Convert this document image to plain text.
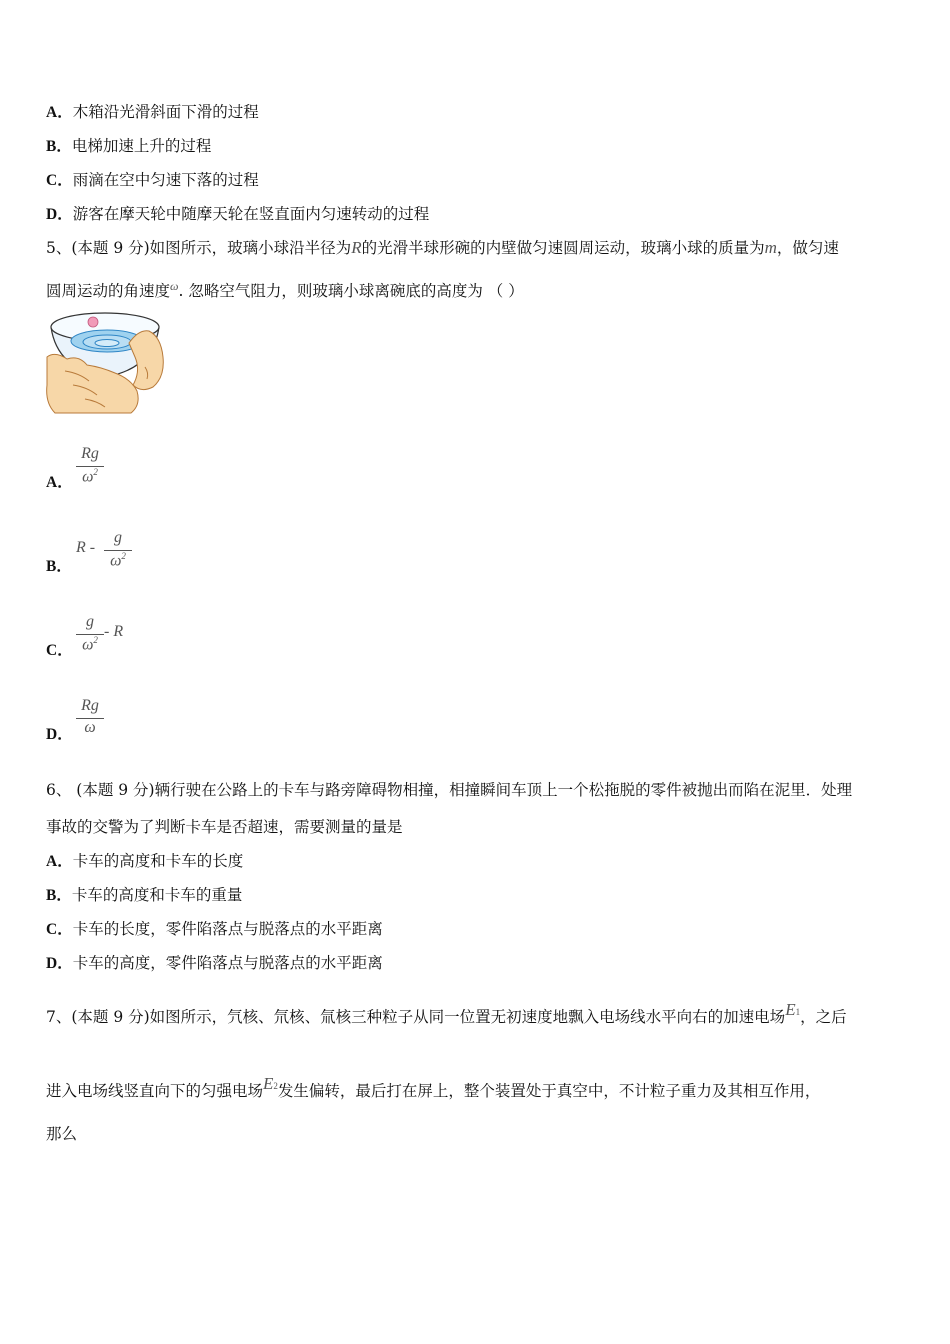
A．木箱沿光滑斜面下滑的过程
B．电梯加速上升的过程
C．雨滴在空中匀速下落的过程
D．游客在摩天轮中随摩天轮在竖直面内匀速转动的过程
5、(本题 9 分)如图所示，玻璃小球沿半径为R的光滑半球形碗的内壁做匀速圆周运动，玻璃小球的质量为m，做匀速
圆周运动的角速度$^\omega$. 忽略空气阻力，则玻璃小球离碗底的高度为 （ ）
A．
Rg
$\omega^2$
B．
R -
g
$\omega^2$
C．
g
$\omega^2$ - R
D．
Rg
ω
6、 (本题 9 分)辆行驶在公路上的卡车与路旁障碍物相撞，相撞瞬间车顶上一个松拖脱的零件被抛出而陷在泥里．处理
事故的交警为了判断卡车是否超速，需要测量的量是
A．卡车的高度和卡车的长度
B．卡车的高度和卡车的重量
C．卡车的长度，零件陷落点与脱落点的水平距离
D．卡车的高度，零件陷落点与脱落点的水平距离
7、(本题 9 分)如图所示，氕核、氘核、氚核三种粒子从同一位置无初速度地飘入电场线水平向右的加速电场E1，之后
进入电场线竖直向下的匀强电场E2发生偏转，最后打在屏上，整个装置处于真空中，不计粒子重力及其相互作用，
那么
